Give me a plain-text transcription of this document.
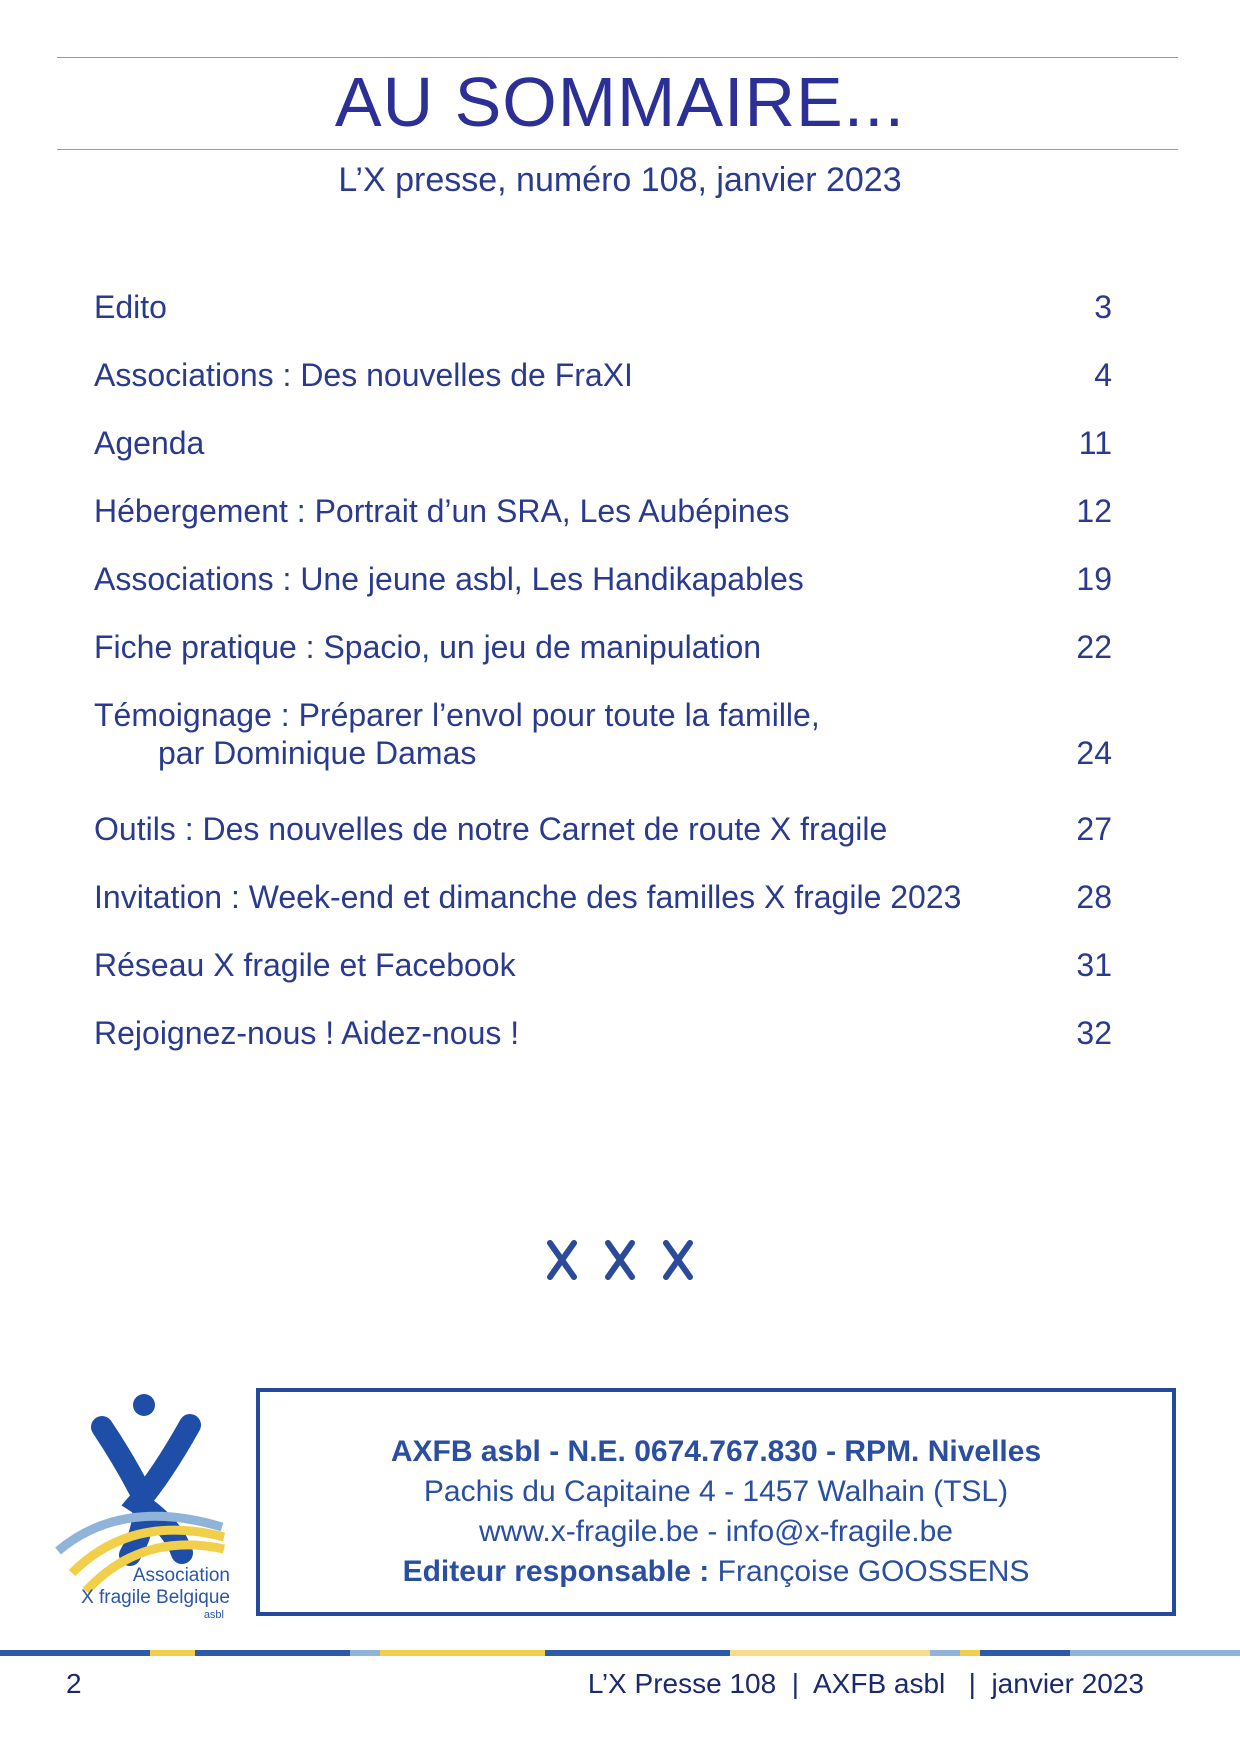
AU SOMMAIRE...
L’X presse, numéro 108, janvier 2023
Edito	3
Associations : Des nouvelles de FraXI	4
Agenda	11
Hébergement : Portrait d’un SRA, Les Aubépines	12
Associations : Une jeune asbl, Les Handikapables	19
Fiche pratique : Spacio, un jeu de manipulation	22
Témoignage : Préparer l’envol pour toute la famille,
par Dominique Damas	24
Outils : Des nouvelles de notre Carnet de route X fragile	27
Invitation : Week-end et dimanche des familles X fragile 2023	28
Réseau X fragile et Facebook	31
Rejoignez-nous ! Aidez-nous !	32
Association
X fragile Belgique
asbl
AXFB asbl - N.E. 0674.767.830 - RPM. Nivelles
Pachis du Capitaine 4 - 1457 Walhain (TSL)
www.x-fragile.be - info@x-fragile.be
Editeur responsable : Françoise GOOSSENS
2	L’X Presse 108  |  AXFB asbl   |  janvier 2023
